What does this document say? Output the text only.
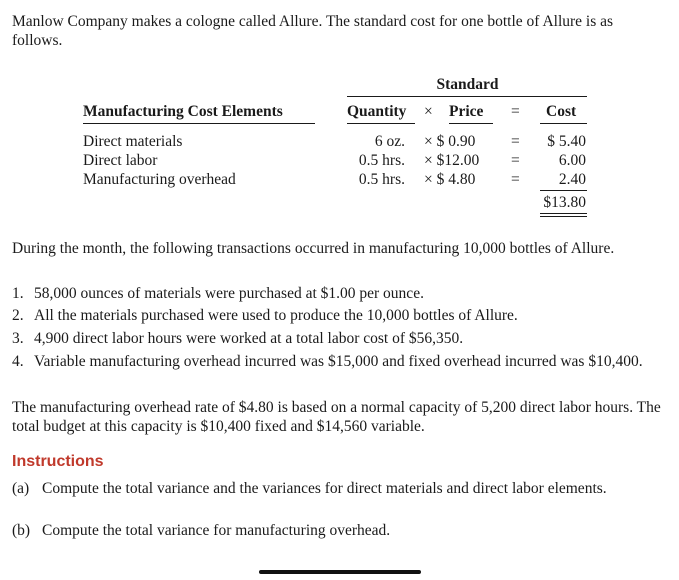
Manlow Company makes a cologne called Allure. The standard cost for one bottle of Allure is as follows.
Standard
Manufacturing Cost Elements	Quantity × Price = Cost
Direct materials	6 oz. × $ 0.90 =	$ 5.40
Direct labor	0.5 hrs. × $12.00 =	6.00
Manufacturing overhead	0.5 hrs. × $ 4.80 =	2.40
$13.80
During the month, the following transactions occurred in manufacturing 10,000 bottles of Allure.
1. 58,000 ounces of materials were purchased at $1.00 per ounce.
2. All the materials purchased were used to produce the 10,000 bottles of Allure.
3. 4,900 direct labor hours were worked at a total labor cost of $56,350.
4. Variable manufacturing overhead incurred was $15,000 and fixed overhead incurred was $10,400.
The manufacturing overhead rate of $4.80 is based on a normal capacity of 5,200 direct labor hours. The total budget at this capacity is $10,400 fixed and $14,560 variable.
Instructions
(a) Compute the total variance and the variances for direct materials and direct labor elements.
(b) Compute the total variance for manufacturing overhead.
